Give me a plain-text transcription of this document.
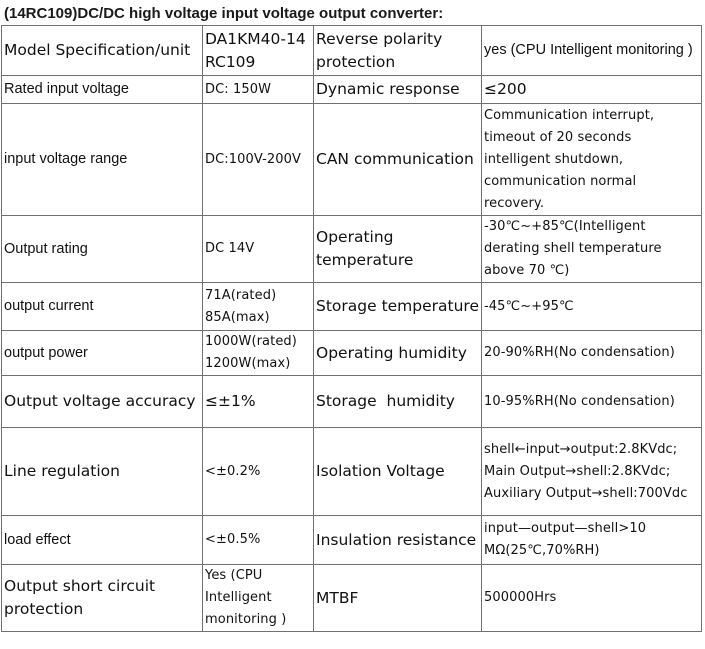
(14RC109)DC/DC high voltage input voltage output converter:
Model Specification/unit	DA1KM40-14RC109	Reverse polarity protection	yes (CPU Intelligent monitoring )
Rated input voltage	DC: 150W	Dynamic response	≤200
input voltage range	DC:100V-200V	CAN communication	Communication interrupt, timeout of 20 seconds intelligent shutdown, communication normal recovery.
Output rating	DC 14V	Operating temperature	-30℃~+85℃(Intelligent derating shell temperature above 70 ℃)
output current	71A(rated) 85A(max)	Storage temperature	-45℃~+95℃
output power	1000W(rated) 1200W(max)	Operating humidity	20-90%RH(No condensation)
Output voltage accuracy	≤±1%	Storage  humidity	10-95%RH(No condensation)
Line regulation	<±0.2%	Isolation Voltage	shell←input→output:2.8KVdc; Main Output→shell:2.8KVdc; Auxiliary Output→shell:700Vdc
load effect	<±0.5%	Insulation resistance	input—output—shell>10 MΩ(25℃,70%RH)
Output short circuit protection	Yes (CPU Intelligent monitoring )	MTBF	500000Hrs
